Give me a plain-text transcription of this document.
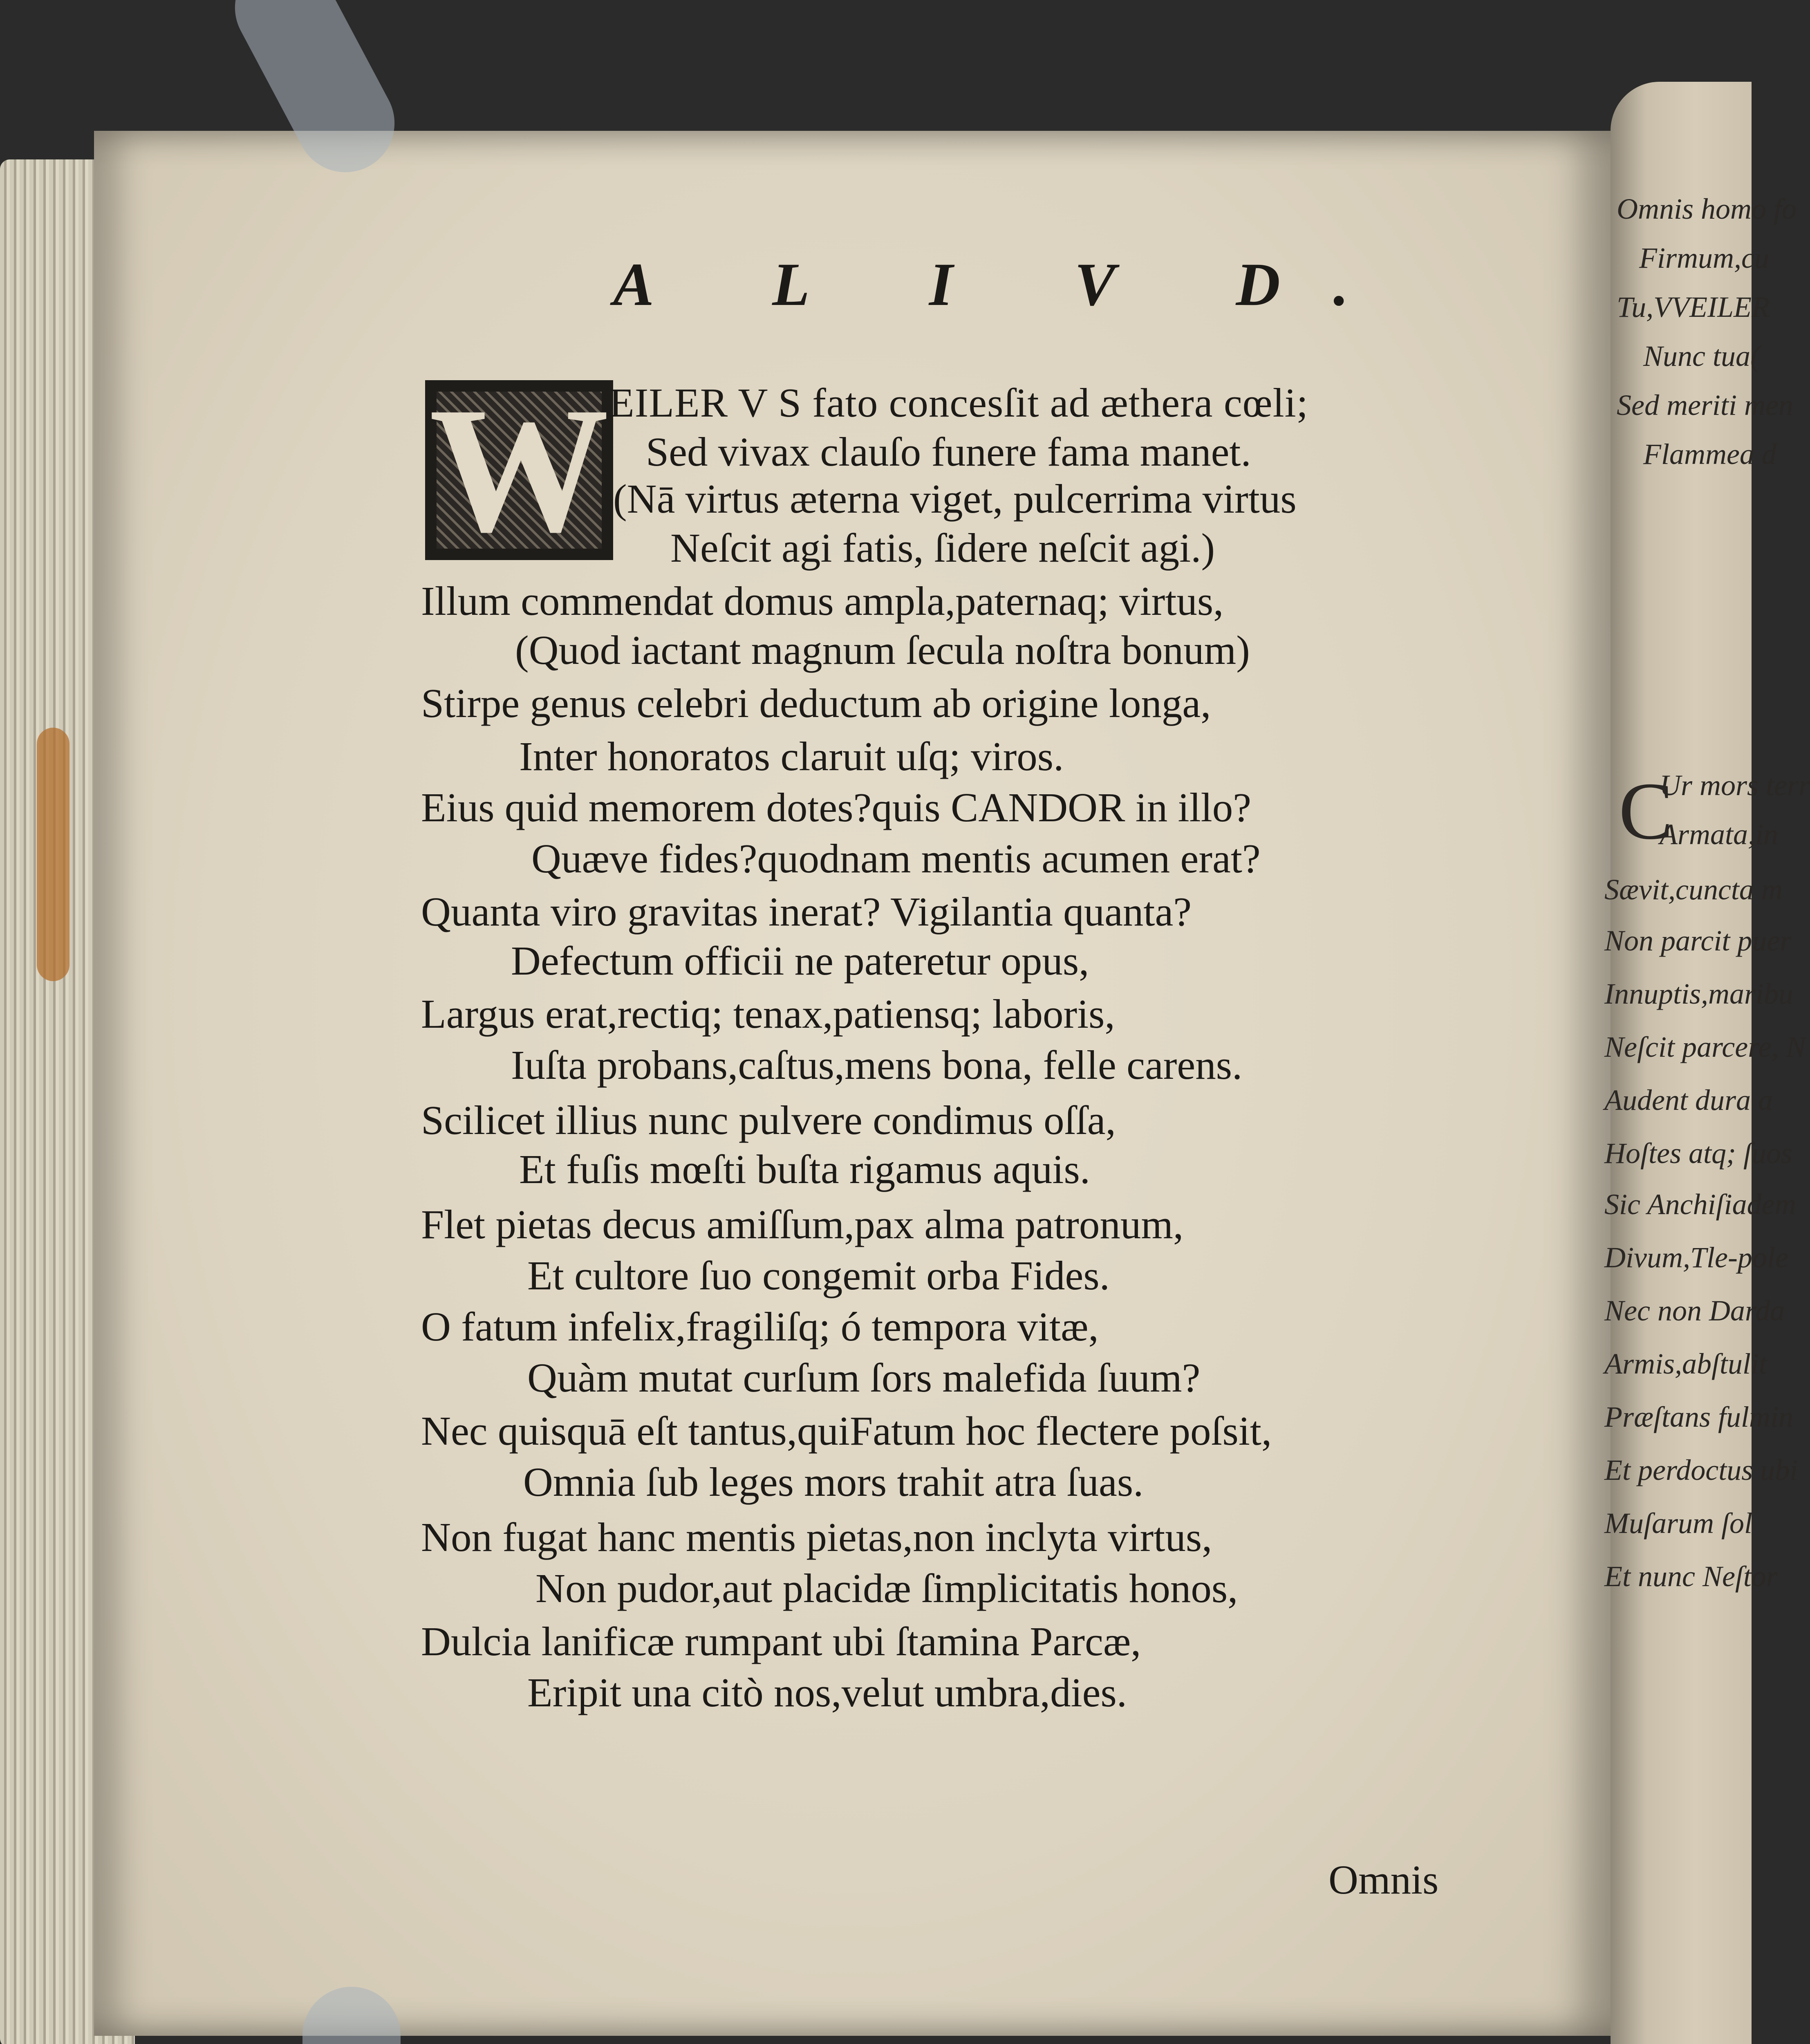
A L I V D.
W EILER V S fato concesſit ad æthera cœli;

Sed vivax clauſo funere fama manet.

(Nā virtus æterna viget, pulcerrima virtus

Neſcit agi fatis, ſidere neſcit agi.)

Illum commendat domus ampla,paternaq; virtus,

(Quod iactant magnum ſecula noſtra bonum)

Stirpe genus celebri deductum ab origine longa,

Inter honoratos claruit uſq; viros.

Eius quid memorem dotes?quis CANDOR in illo?

Quæve fides?quodnam mentis acumen erat?

Quanta viro gravitas inerat? Vigilantia quanta?

Defectum officii ne pateretur opus,

Largus erat,rectiq; tenax,patiensq; laboris,

Iuſta probans,caſtus,mens bona, felle carens.

Scilicet illius nunc pulvere condimus oſſa,

Et fuſis mœſti buſta rigamus aquis.

Flet pietas decus amiſſum,pax alma patronum,

Et cultore ſuo congemit orba Fides.

O fatum infelix,fragiliſq; ó tempora vitæ,

Quàm mutat curſum ſors malefida ſuum?

Nec quisquā eſt tantus,quiFatum hoc flectere poſsit,

Omnia ſub leges mors trahit atra ſuas.

Non fugat hanc mentis pietas,non inclyta virtus,

Non pudor,aut placidæ ſimplicitatis honos,

Dulcia lanificæ rumpant ubi ſtamina Parcæ,

Eripit una citò nos,velut umbra,dies.

Omnis

Omnis homo fo

Firmum,cu

Tu,VVEILER

Nunc tua(

Sed meriti men

Flammea d

C

Ur mors terr

Armata,in

Sævit,cuncta m

Non parcit puer

Innuptis,maribu

Neſcit parcere, N

Audent dura a

Hoſtes atq; ſuos

Sic Anchiſiadem

Divum,Tle-pole

Nec non Darda

Armis,abſtulit

Præſtans fulmin

Et perdoctus ubi

Muſarum ſol

Et nunc Neſtor
